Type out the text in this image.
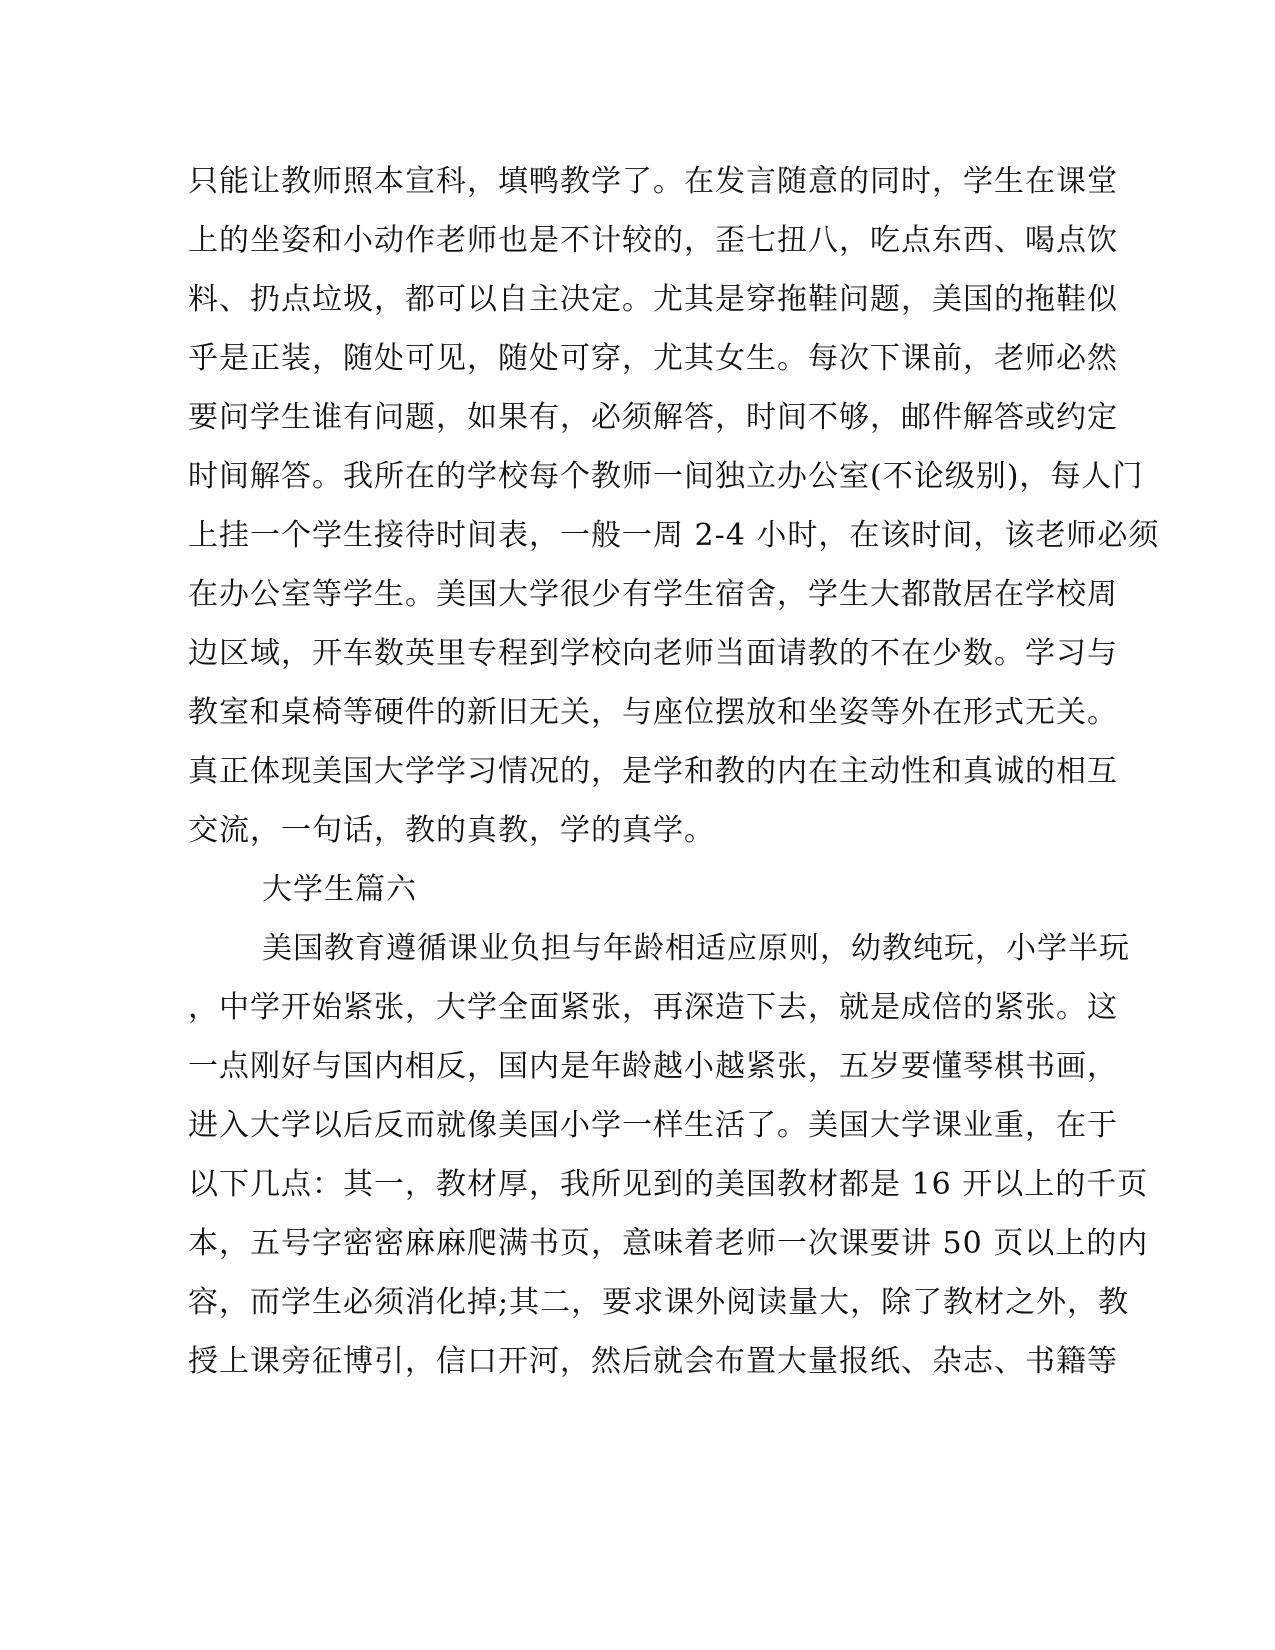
只能让教师照本宣科，填鸭教学了。在发言随意的同时，学生在课堂
上的坐姿和小动作老师也是不计较的，歪七扭八，吃点东西、喝点饮
料、扔点垃圾，都可以自主决定。尤其是穿拖鞋问题，美国的拖鞋似
乎是正装，随处可见，随处可穿，尤其女生。每次下课前，老师必然
要问学生谁有问题，如果有，必须解答，时间不够，邮件解答或约定
时间解答。我所在的学校每个教师一间独立办公室(不论级别)，每人门
上挂一个学生接待时间表，一般一周 2-4 小时，在该时间，该老师必须
在办公室等学生。美国大学很少有学生宿舍，学生大都散居在学校周
边区域，开车数英里专程到学校向老师当面请教的不在少数。学习与
教室和桌椅等硬件的新旧无关，与座位摆放和坐姿等外在形式无关。
真正体现美国大学学习情况的，是学和教的内在主动性和真诚的相互
交流，一句话，教的真教，学的真学。
大学生篇六
美国教育遵循课业负担与年龄相适应原则，幼教纯玩，小学半玩
，中学开始紧张，大学全面紧张，再深造下去，就是成倍的紧张。这
一点刚好与国内相反，国内是年龄越小越紧张，五岁要懂琴棋书画，
进入大学以后反而就像美国小学一样生活了。美国大学课业重，在于
以下几点：其一，教材厚，我所见到的美国教材都是 16 开以上的千页
本，五号字密密麻麻爬满书页，意味着老师一次课要讲 50 页以上的内
容，而学生必须消化掉;其二，要求课外阅读量大，除了教材之外，教
授上课旁征博引，信口开河，然后就会布置大量报纸、杂志、书籍等
